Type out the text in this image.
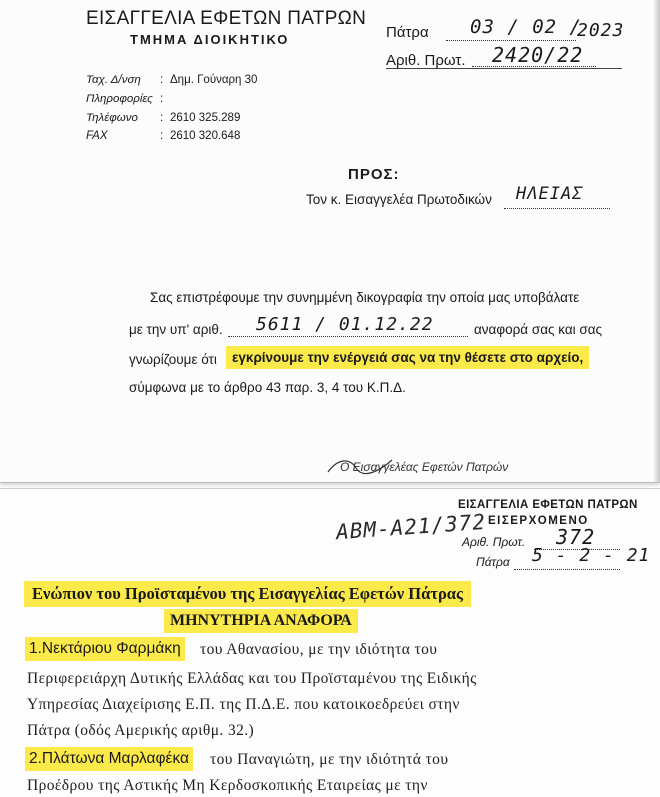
ΕΙΣΑΓΓΕΛΙΑ ΕΦΕΤΩΝ ΠΑΤΡΩΝ
ΤΜΗΜΑ ΔΙΟΙΚΗΤΙΚΟ	Πάτρα 03 / 02 /
2023
Αριθ. Πρωτ. 2420/22
Ταχ. Δ/νση : Δημ. Γούναρη 30
Πληροφορίες :
Τηλέφωνο : 2610 325.289
FAX	: 2610 320.648
ΠΡΟΣ:
Τον κ. Εισαγγελέα Πρωτοδικών ΗΛΕΙΑΣ
Σας επιστρέφουμε την συνημμένη δικογραφία την οποία μας υποβάλατε
με την υπ' αριθ. 5611 / 01.12.22	αναφορά σας και σας
γνωρίζουμε ότι	εγκρίνουμε την ενέργειά σας να την θέσετε στο αρχείο,
σύμφωνα με το άρθρο 43 παρ. 3, 4 του Κ.Π.Δ.
Ο Εισαγγελέας Εφετών Πατρών
ΑΒΜ-Α21/372
ΕΙΣΑΓΓΕΛΙΑ ΕΦΕΤΩΝ ΠΑΤΡΩΝ
ΕΙΣΕΡΧΟΜΕΝΟ
Αριθ. Πρωτ. 372
Πάτρα 5 - 2 - 21
Ενώπιον του Προϊσταμένου της Εισαγγελίας Εφετών Πάτρας
ΜΗΝΥΤΗΡΙΑ ΑΝΑΦΟΡΑ
1.Νεκτάριου Φαρμάκη του Αθανασίου, με την ιδιότητα του
Περιφερειάρχη Δυτικής Ελλάδας και του Προϊσταμένου της Ειδικής
Υπηρεσίας Διαχείρισης Ε.Π. της Π.Δ.Ε. που κατοικοεδρεύει στην
Πάτρα (οδός Αμερικής αριθμ. 32.)
2.Πλάτωνα Μαρλαφέκα του Παναγιώτη, με την ιδιότητά του
Προέδρου της Αστικής Μη Κερδοσκοπικής Εταιρείας με την
